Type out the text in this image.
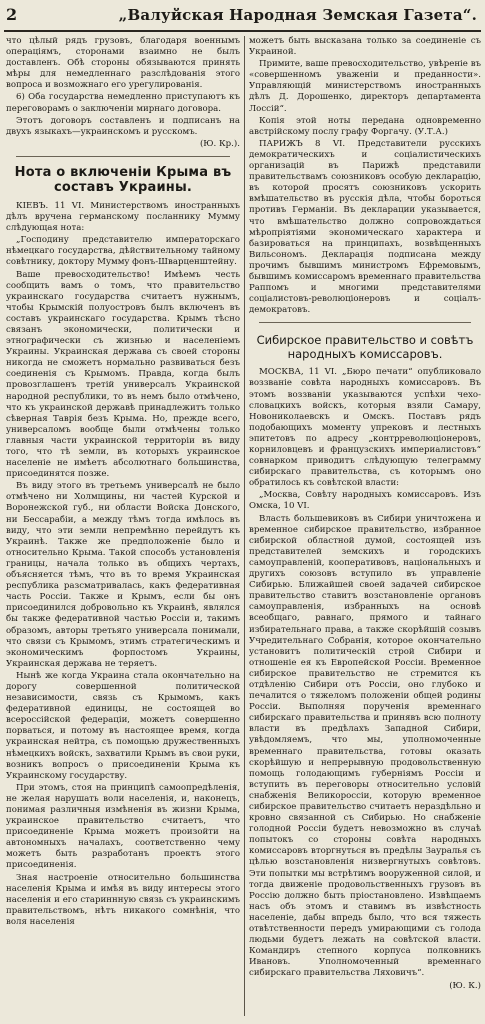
2	„Валуйская Народная Земская Газета“.

что цѣлый рядъ грузовъ, благодаря военнымъ операціямъ, сторонами взаимно не былъ доставленъ. Обѣ стороны обязываются принять мѣры для немедленнаго разслѣдованія этого вопроса и возможнаго его урегулированія.

6) Оба государства немедленно приступаютъ къ переговорамъ о заключеніи мирнаго договора.

Этотъ договоръ составленъ и подписанъ на двухъ языкахъ—украинскомъ и русскомъ.

(Ю. Кр.).

Нота о включеніи Крыма въ составъ Украины.

КІЕВЪ. 11 VI. Министерствомъ иностранныхъ дѣлъ вручена германскому посланнику Мумму слѣдующая нота:

„Господину представителю императорскаго нѣмецкаго государства, дѣйствительному тайному совѣтнику, доктору Мумму фонъ-Шварценштейну.

Ваше превосходительство! Имѣемъ честь сообщить вамъ о томъ, что правительство украинскаго государства считаетъ нужнымъ, чтобы Крымскій полуостровъ былъ включенъ въ составъ украинскаго государства. Крымъ тѣсно связанъ экономически, политически и этнографически съ жизнью и населеніемъ Украины. Украинская держава съ своей стороны никогда не сможетъ нормально развиваться безъ соединенія съ Крымомъ. Правда, когда былъ провозглашенъ третій универсалъ Украинской народной республики, то въ немъ было отмѣчено, что къ украинской державѣ принадлежитъ только сѣверная Таврія безъ Крыма. Но, прежде всего, универсаломъ вообще были отмѣчены только главныя части украинской территоріи въ виду того, что тѣ земли, въ которыхъ украинское населеніе не имѣетъ абсолютнаго большинства, присоединятся позже.

Въ виду этого въ третьемъ универсалѣ не было отмѣчено ни Холмщины, ни частей Курской и Воронежской губ., ни области Войска Донского, ни Бессарабіи, а между тѣмъ тогда имѣлось въ виду, что эти земли непремѣнно перейдутъ къ Украинѣ. Также же предположеніе было и относительно Крыма. Такой способъ установленія границы, начала только въ общихъ чертахъ, объясняется тѣмъ, что въ то время Украинская республика разсматривалась, какъ федеративная часть Россіи. Также и Крымъ, если бы онъ присоединился добровольно къ Украинѣ, являлся бы также федеративной частью Россіи и, такимъ образомъ, авторы третьяго универсала понимали, что связи съ Крымомъ, этимъ стратегическимъ и экономическимъ форпостомъ Украины, Украинская держава не теряетъ.

Нынѣ же когда Украина стала окончательно на дорогу совершенной политической независимости, связь съ Крымомъ, какъ федеративной единицы, не состоящей во всероссійской федераціи, можетъ совершенно порваться, и потому въ настоящее время, когда украинская нейтра, съ помощью дружественныхъ нѣмецкихъ войскъ, захватили Крымъ въ свои руки, возникъ вопросъ о присоединеніи Крыма къ Украинскому государству.

При этомъ, стоя на принципѣ самоопредѣленія, не желая нарушать воли населенія, и, наконецъ, понимая различныя измѣненія въ жизни Крыма, украинское правительство считаетъ, что присоединеніе Крыма можетъ произойти на автономныхъ началахъ, соответственно чему можетъ быть разработанъ проектъ этого присоединенія.

Зная настроеніе относительно большинства населенія Крыма и имѣя въ виду интересы этого населенія и его стариннную связь съ украинскимъ правительствомъ, нѣтъ никакого сомнѣнія, что воля населенія

можетъ быть высказана только за соединеніе съ Украиной.

Примите, ваше превосходительство, увѣреніе въ «совершенномъ уваженіи и преданности». Управляющій министерствомъ иностранныхъ дѣлъ Д. Дорошенко, директоръ департамента Лоссій“.

Копія этой ноты передана одновременно австрійскому послу графу Форгачу. (У.Т.А.)

ПАРИЖЪ 8 VI. Представители русскихъ демократическихъ и соціалистическихъ организацій въ Парижѣ представили правительствамъ союзниковъ особую декларацію, въ которой просятъ союзниковъ ускорить вмѣшательство въ русскія дѣла, чтобы бороться противъ Германіи. Въ декларации указывается, что вмѣшательство должно сопровождаться мѣропріятіями экономическаго характера и базироваться на принципахъ, возвѣщенныхъ Вильсономъ. Декларація подписана между прочимъ бывшимъ министромъ Ефремовымъ, бывшимъ комиссаромъ временнаго правительства Раппомъ и многими представителями соціалистовъ-революціонеровъ и соціалъ-демократовъ.

Сибирское правительство и совѣтъ народныхъ комиссаровъ.

МОСКВА, 11 VI. „Бюро печати“ опубликовало воззваніе совѣта народныхъ комиссаровъ. Въ этомъ воззваніи указываются успѣхи чехо-словацкихъ войскъ, которыя взяли Самару, Новониколаевскъ и Омскъ. Поставъ рядъ подобающихъ моменту упрековъ и лестныхъ эпитетовъ по адресу „контрреволюціонеровъ, корниловцевъ и французскихъ империалистовъ“ совнарком приводитъ слѣдующую телеграмму сибирскаго правительства, съ которымъ оно обратилось къ совѣтской власти:

„Москва, Совѣту народныхъ комиссаровъ. Изъ Омска, 10 VI.

Власть большевиковъ въ Сибири уничтожена и временное сибирское правительство, избранное сибирской областной думой, состоящей изъ представителей земскихъ и городскихъ самоуправленій, кооперативовъ, національныхъ и другихъ союзовъ вступило въ управленіе Сибирью. Ближайшей своей задачей сибирское правительство ставитъ возстановленіе органовъ самоуправленія, избранныхъ на основѣ всеобщаго, равнаго, прямого и тайнаго избирательнаго права, а также скорѣйшій созывъ Учредительнаго Собранія, которое окончательно установитъ политическій строй Сибири и отношеніе ея къ Европейской Россіи. Временное сибирское правительство не стремится къ отдѣленію Сибири отъ Россіи, оно глубоко и печалится о тяжеломъ положеніи общей родины Россіи. Выполняя порученія временнаго сибирскаго правительства и принявъ всю полноту власти въ предѣлахъ Западной Сибири, увѣдомляемъ, что мы, уполномоченные временнаго правительства, готовы оказать скорѣйшую и непрерывную продовольственную помощь голодающимъ губерніямъ Россіи и вступить въ переговоры относительно условій снабженія Великороссіи, которую временное сибирское правительство считаетъ нераздѣльно и кровно связанной съ Сибирью. Но снабженіе голодной Россіи будетъ невозможно въ случаѣ попытокъ со стороны совѣта народныхъ комиссаровъ вторгнуться въ предѣлы Зауралья съ цѣлью возстановленія низвергнутыхъ совѣтовъ. Эти попытки мы встрѣтимъ вооруженной силой, и тогда движеніе продовольственныхъ грузовъ въ Россію должно быть пріостановлено. Извѣщаемъ насъ объ этомъ и ставимъ въ извѣстность населеніе, дабы впредь было, что вся тяжесть отвѣтственности передъ умирающими съ голода людьми будетъ лежать на совѣтской власти. Командиръ степного корпуса полковникъ Ивановъ. Уполномоченный временнаго сибирскаго правительства Ляховичъ“.

(Ю. К.)
